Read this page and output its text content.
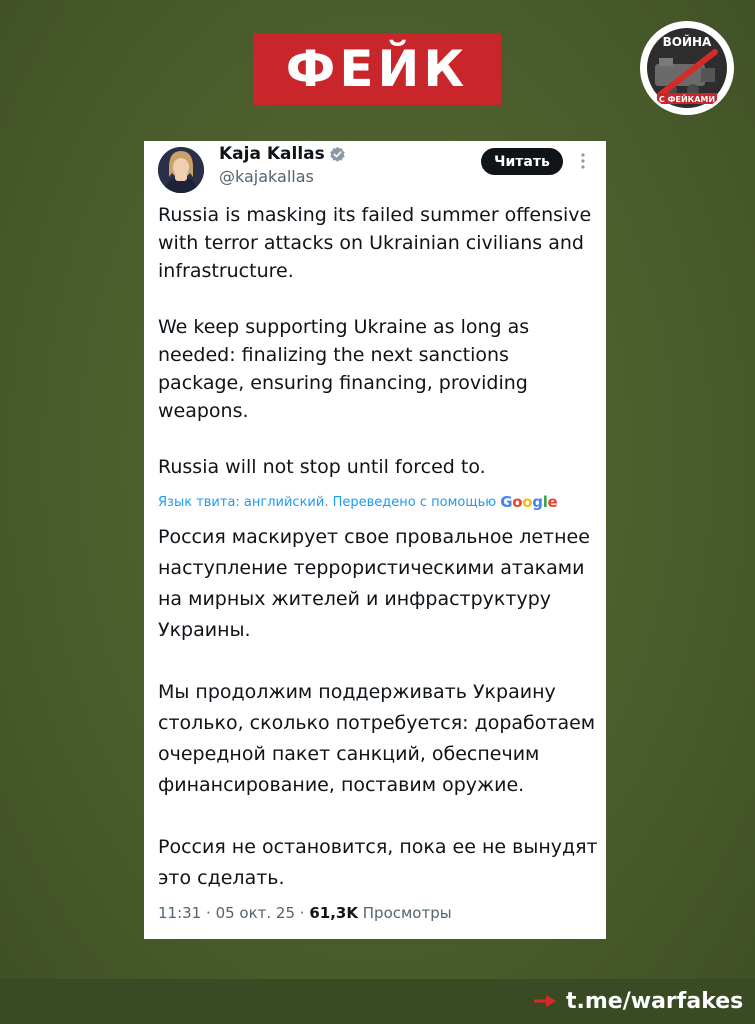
ФЕЙК	ВОЙНА
С ФЕЙКАМИ
Kaja Kallas
@kajakallas
Читать

Russia is masking its failed summer offensive with terror attacks on Ukrainian civilians and infrastructure.

We keep supporting Ukraine as long as needed: finalizing the next sanctions package, ensuring financing, providing weapons.

Russia will not stop until forced to.

Язык твита: английский. Переведено с помощью Google

Россия маскирует свое провальное летнее наступление террористическими атаками на мирных жителей и инфраструктуру Украины.

Мы продолжим поддерживать Украину столько, сколько потребуется: доработаем очередной пакет санкций, обеспечим финансирование, поставим оружие.

Россия не остановится, пока ее не вынудят это сделать.

11:31 · 05 окт. 25 · 61,3K Просмотры
t.me/warfakes
